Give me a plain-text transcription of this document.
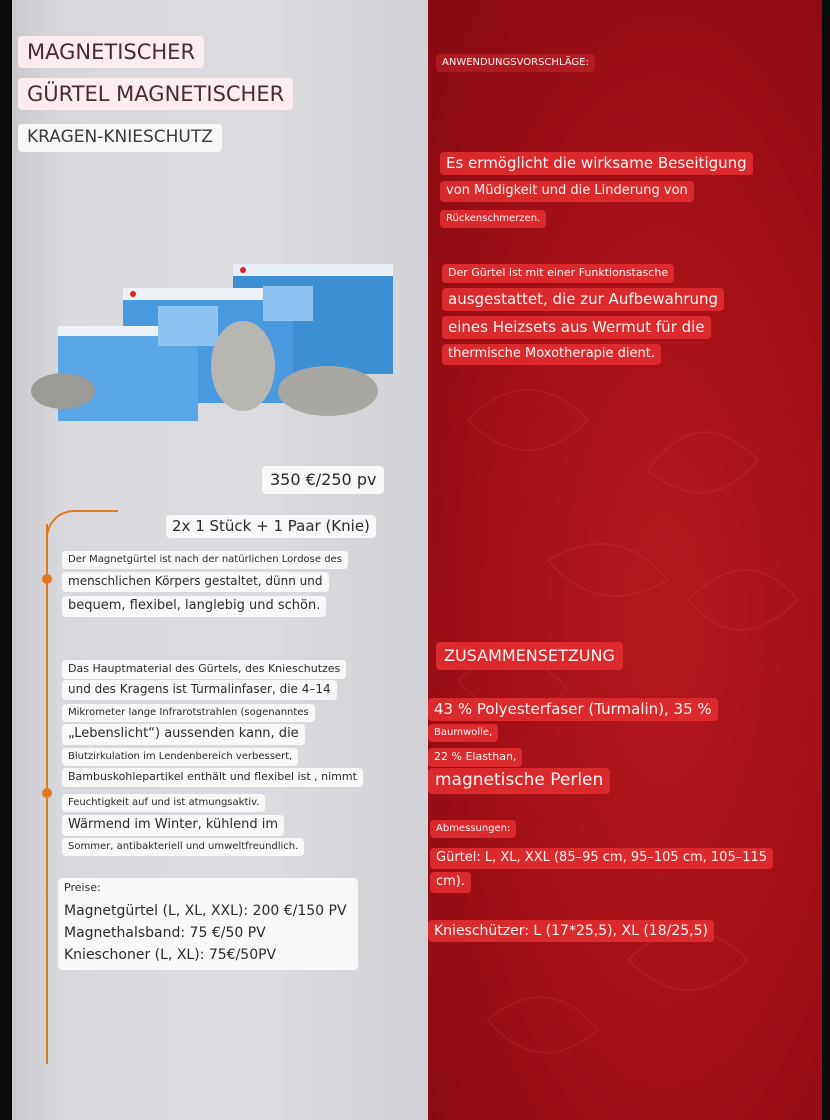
MAGNETISCHER
GÜRTEL MAGNETISCHER
KRAGEN-KNIESCHUTZ
350 €/250 pv
2x 1 Stück + 1 Paar (Knie)
Der Magnetgürtel ist nach der natürlichen Lordose des
menschlichen Körpers gestaltet, dünn und
bequem, flexibel, langlebig und schön.
Das Hauptmaterial des Gürtels, des Knieschutzes
und des Kragens ist Turmalinfaser, die 4–14
Mikrometer lange Infrarotstrahlen (sogenanntes
„Lebenslicht“) aussenden kann, die
Blutzirkulation im Lendenbereich verbessert,
Bambuskohlepartikel enthält und flexibel ist , nimmt
Feuchtigkeit auf und ist atmungsaktiv.
Wärmend im Winter, kühlend im
Sommer, antibakteriell und umweltfreundlich.
Preise:
Magnetgürtel (L, XL, XXL): 200 €/150 PV
Magnethalsband: 75 €/50 PV
Knieschoner (L, XL): 75€/50PV
ANWENDUNGSVORSCHLÄGE:
Es ermöglicht die wirksame Beseitigung
von Müdigkeit und die Linderung von
Rückenschmerzen.
Der Gürtel ist mit einer Funktionstasche
ausgestattet, die zur Aufbewahrung
eines Heizsets aus Wermut für die
thermische Moxotherapie dient.
ZUSAMMENSETZUNG
43 % Polyesterfaser (Turmalin), 35 %
Baumwolle,
22 % Elasthan,
magnetische Perlen
Abmessungen:
Gürtel: L, XL, XXL (85–95 cm, 95–105 cm, 105–115
cm).
Knieschützer: L (17*25,5), XL (18/25,5)
